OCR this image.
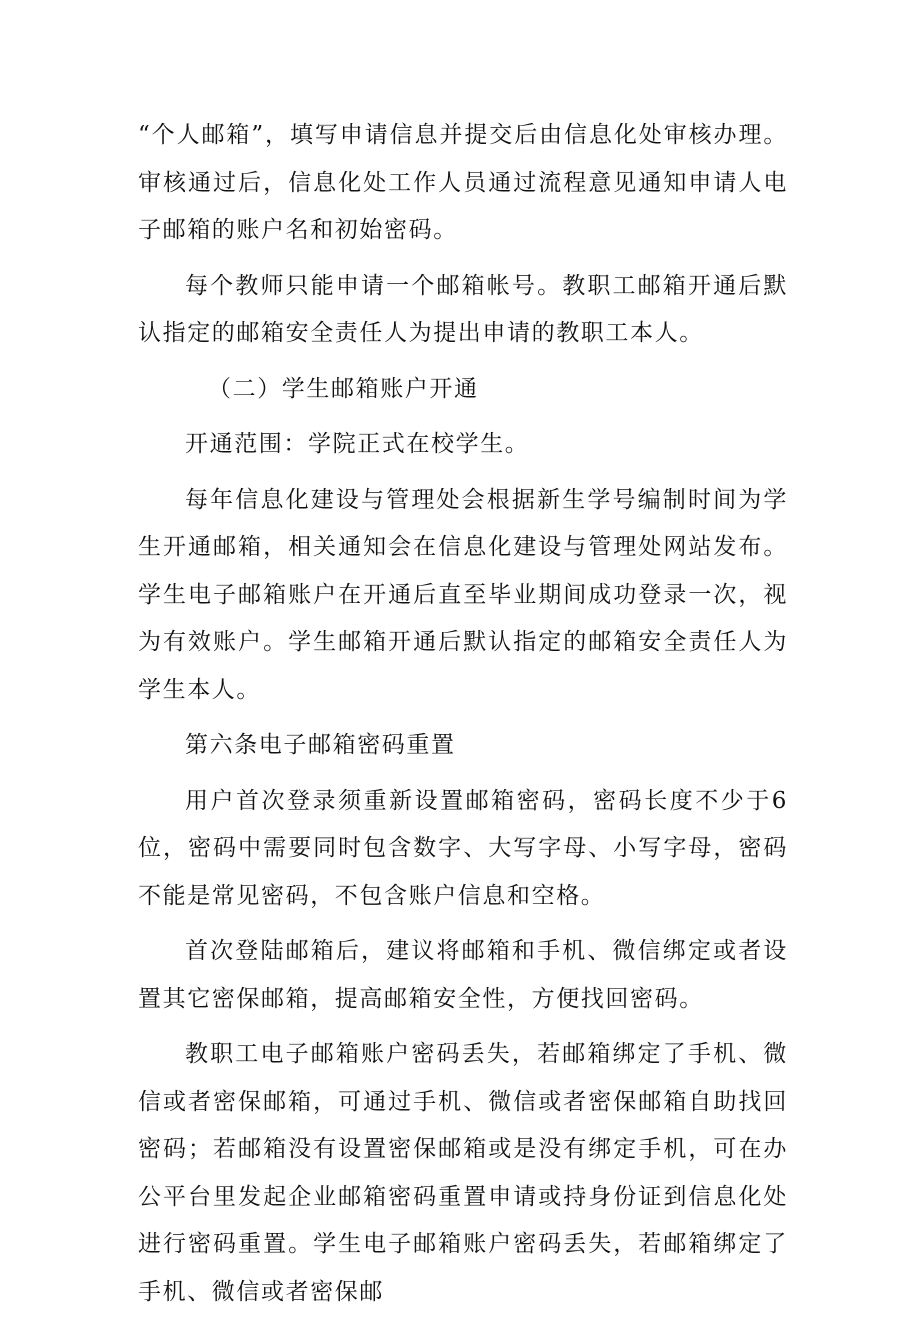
“个人邮箱”，填写申请信息并提交后由信息化处审核办理。审核通过后，信息化处工作人员通过流程意见通知申请人电子邮箱的账户名和初始密码。

每个教师只能申请一个邮箱帐号。教职工邮箱开通后默认指定的邮箱安全责任人为提出申请的教职工本人。

（二）学生邮箱账户开通

开通范围：学院正式在校学生。

每年信息化建设与管理处会根据新生学号编制时间为学生开通邮箱，相关通知会在信息化建设与管理处网站发布。学生电子邮箱账户在开通后直至毕业期间成功登录一次，视为有效账户。学生邮箱开通后默认指定的邮箱安全责任人为学生本人。

第六条电子邮箱密码重置

用户首次登录须重新设置邮箱密码，密码长度不少于6位，密码中需要同时包含数字、大写字母、小写字母，密码不能是常见密码，不包含账户信息和空格。

首次登陆邮箱后，建议将邮箱和手机、微信绑定或者设置其它密保邮箱，提高邮箱安全性，方便找回密码。

教职工电子邮箱账户密码丢失，若邮箱绑定了手机、微信或者密保邮箱，可通过手机、微信或者密保邮箱自助找回密码；若邮箱没有设置密保邮箱或是没有绑定手机，可在办公平台里发起企业邮箱密码重置申请或持身份证到信息化处进行密码重置。学生电子邮箱账户密码丢失，若邮箱绑定了手机、微信或者密保邮
